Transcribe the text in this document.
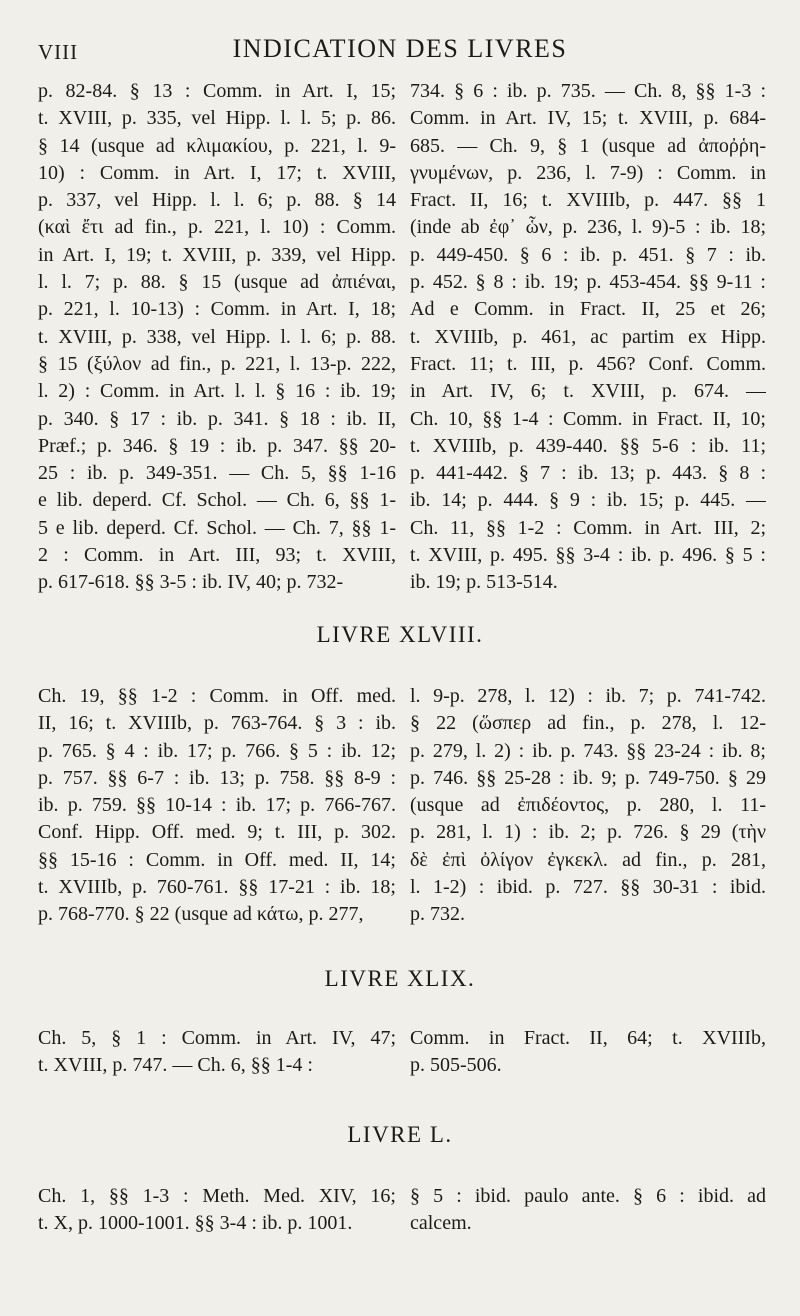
VIII	INDICATION DES LIVRES
p. 82-84. § 13 : Comm. in Art. I, 15;
t. XVIII, p. 335, vel Hipp. l. l. 5; p. 86.
§ 14 (usque ad κλιμακίου, p. 221, l. 9-
10) : Comm. in Art. I, 17; t. XVIII,
p. 337, vel Hipp. l. l. 6; p. 88. § 14
(καὶ ἔτι ad fin., p. 221, l. 10) : Comm.
in Art. I, 19; t. XVIII, p. 339, vel Hipp.
l. l. 7; p. 88. § 15 (usque ad ἀπιέναι,
p. 221, l. 10-13) : Comm. in Art. I, 18;
t. XVIII, p. 338, vel Hipp. l. l. 6; p. 88.
§ 15 (ξύλον ad fin., p. 221, l. 13-p. 222,
l. 2) : Comm. in Art. l. l. § 16 : ib. 19;
p. 340. § 17 : ib. p. 341. § 18 : ib. II,
Præf.; p. 346. § 19 : ib. p. 347. §§ 20-
25 : ib. p. 349-351. — Ch. 5, §§ 1-16
e lib. deperd. Cf. Schol. — Ch. 6, §§ 1-
5 e lib. deperd. Cf. Schol. — Ch. 7, §§ 1-
2 : Comm. in Art. III, 93; t. XVIII,
p. 617-618. §§ 3-5 : ib. IV, 40; p. 732-
734. § 6 : ib. p. 735. — Ch. 8, §§ 1-3 :
Comm. in Art. IV, 15; t. XVIII, p. 684-
685. — Ch. 9, § 1 (usque ad ἀποῤῥη-
γνυμένων, p. 236, l. 7-9) : Comm. in
Fract. II, 16; t. XVIIIb, p. 447. §§ 1
(inde ab ἐφ᾽ ὧν, p. 236, l. 9)-5 : ib. 18;
p. 449-450. § 6 : ib. p. 451. § 7 : ib.
p. 452. § 8 : ib. 19; p. 453-454. §§ 9-11 :
Ad e Comm. in Fract. II, 25 et 26;
t. XVIIIb, p. 461, ac partim ex Hipp.
Fract. 11; t. III, p. 456? Conf. Comm.
in Art. IV, 6; t. XVIII, p. 674. —
Ch. 10, §§ 1-4 : Comm. in Fract. II, 10;
t. XVIIIb, p. 439-440. §§ 5-6 : ib. 11;
p. 441-442. § 7 : ib. 13; p. 443. § 8 :
ib. 14; p. 444. § 9 : ib. 15; p. 445. —
Ch. 11, §§ 1-2 : Comm. in Art. III, 2;
t. XVIII, p. 495. §§ 3-4 : ib. p. 496. § 5 :
ib. 19; p. 513-514.
LIVRE XLVIII.
Ch. 19, §§ 1-2 : Comm. in Off. med.
II, 16; t. XVIIIb, p. 763-764. § 3 : ib.
p. 765. § 4 : ib. 17; p. 766. § 5 : ib. 12;
p. 757. §§ 6-7 : ib. 13; p. 758. §§ 8-9 :
ib. p. 759. §§ 10-14 : ib. 17; p. 766-767.
Conf. Hipp. Off. med. 9; t. III, p. 302.
§§ 15-16 : Comm. in Off. med. II, 14;
t. XVIIIb, p. 760-761. §§ 17-21 : ib. 18;
p. 768-770. § 22 (usque ad κάτω, p. 277,
l. 9-p. 278, l. 12) : ib. 7; p. 741-742.
§ 22 (ὥσπερ ad fin., p. 278, l. 12-
p. 279, l. 2) : ib. p. 743. §§ 23-24 : ib. 8;
p. 746. §§ 25-28 : ib. 9; p. 749-750. § 29
(usque ad ἐπιδέοντος, p. 280, l. 11-
p. 281, l. 1) : ib. 2; p. 726. § 29 (τὴν
δὲ ἐπὶ ὀλίγον ἐγκεκλ. ad fin., p. 281,
l. 1-2) : ibid. p. 727. §§ 30-31 : ibid.
p. 732.
LIVRE XLIX.
Ch. 5, § 1 : Comm. in Art. IV, 47;
t. XVIII, p. 747. — Ch. 6, §§ 1-4 :
Comm. in Fract. II, 64; t. XVIIIb,
p. 505-506.
LIVRE L.
Ch. 1, §§ 1-3 : Meth. Med. XIV, 16;
t. X, p. 1000-1001. §§ 3-4 : ib. p. 1001.
§ 5 : ibid. paulo ante. § 6 : ibid. ad
calcem.
